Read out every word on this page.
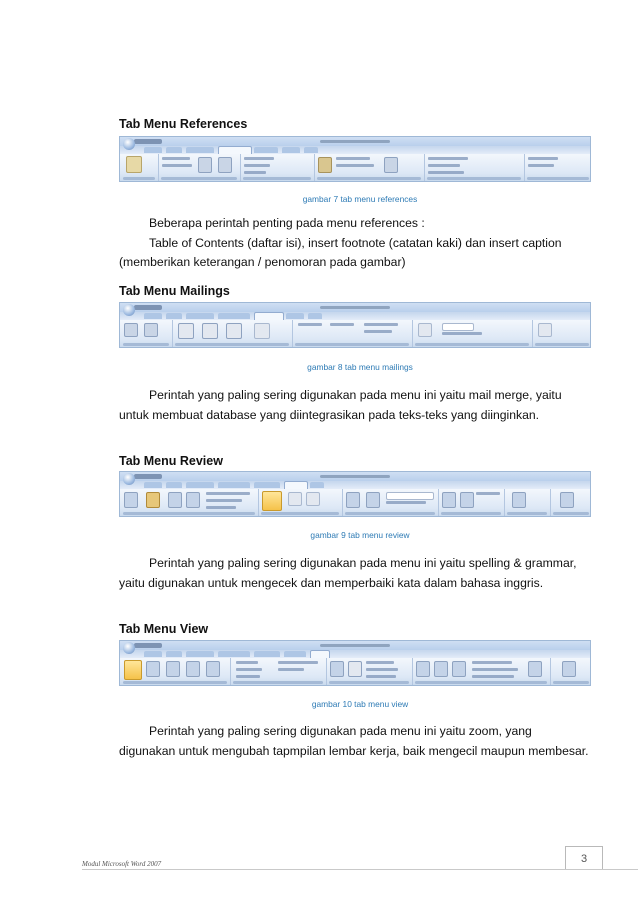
Tab Menu References
gambar 7 tab menu references
Beberapa perintah penting pada menu references :
Table of Contents (daftar isi), insert footnote (catatan kaki) dan insert caption
(memberikan keterangan / penomoran pada gambar)
Tab Menu Mailings
gambar 8 tab menu mailings
Perintah yang paling sering digunakan pada menu ini yaitu mail merge, yaitu
untuk membuat database yang diintegrasikan pada teks-teks yang diinginkan.
Tab Menu Review
gambar 9 tab menu review
Perintah yang paling sering digunakan pada menu ini yaitu spelling & grammar,
yaitu digunakan untuk mengecek dan memperbaiki kata dalam bahasa inggris.
Tab Menu View
gambar 10 tab menu view
Perintah yang paling sering digunakan pada menu ini yaitu zoom, yang
digunakan untuk mengubah tapmpilan lembar kerja, baik mengecil maupun membesar.
3
Modul Microsoft Word 2007
